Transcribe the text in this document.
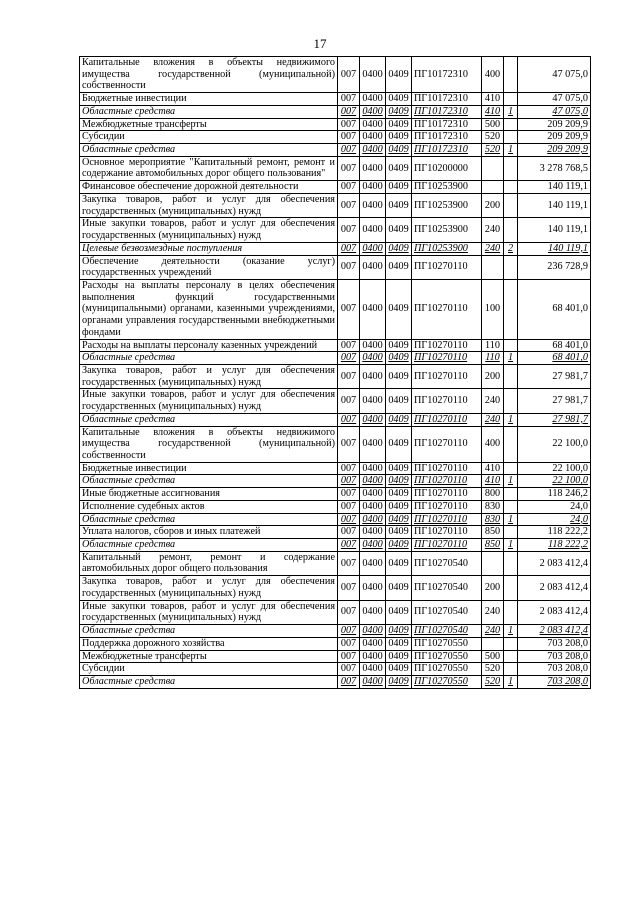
17
Капитальные вложения в объекты недвижимого имущества государственной (муниципальной) собственности	007	0400	0409	ПГ10172310	400		47 075,0
Бюджетные инвестиции	007	0400	0409	ПГ10172310	410		47 075,0
Областные средства	007	0400	0409	ПГ10172310	410	1	47 075,0
Межбюджетные трансферты	007	0400	0409	ПГ10172310	500		209 209,9
Субсидии	007	0400	0409	ПГ10172310	520		209 209,9
Областные средства	007	0400	0409	ПГ10172310	520	1	209 209,9
Основное мероприятие "Капитальный ремонт, ремонт и содержание автомобильных дорог общего пользования"	007	0400	0409	ПГ10200000			3 278 768,5
Финансовое обеспечение дорожной деятельности	007	0400	0409	ПГ10253900			140 119,1
Закупка товаров, работ и услуг для обеспечения государственных (муниципальных) нужд	007	0400	0409	ПГ10253900	200		140 119,1
Иные закупки товаров, работ и услуг для обеспечения государственных (муниципальных) нужд	007	0400	0409	ПГ10253900	240		140 119,1
Целевые безвозмездные поступления	007	0400	0409	ПГ10253900	240	2	140 119,1
Обеспечение деятельности (оказание услуг) государственных учреждений	007	0400	0409	ПГ10270110			236 728,9
Расходы на выплаты персоналу в целях обеспечения выполнения функций государственными (муниципальными) органами, казенными учреждениями, органами управления государственными внебюджетными фондами	007	0400	0409	ПГ10270110	100		68 401,0
Расходы на выплаты персоналу казенных учреждений	007	0400	0409	ПГ10270110	110		68 401,0
Областные средства	007	0400	0409	ПГ10270110	110	1	68 401,0
Закупка товаров, работ и услуг для обеспечения государственных (муниципальных) нужд	007	0400	0409	ПГ10270110	200		27 981,7
Иные закупки товаров, работ и услуг для обеспечения государственных (муниципальных) нужд	007	0400	0409	ПГ10270110	240		27 981,7
Областные средства	007	0400	0409	ПГ10270110	240	1	27 981,7
Капитальные вложения в объекты недвижимого имущества государственной (муниципальной) собственности	007	0400	0409	ПГ10270110	400		22 100,0
Бюджетные инвестиции	007	0400	0409	ПГ10270110	410		22 100,0
Областные средства	007	0400	0409	ПГ10270110	410	1	22 100,0
Иные бюджетные ассигнования	007	0400	0409	ПГ10270110	800		118 246,2
Исполнение судебных актов	007	0400	0409	ПГ10270110	830		24,0
Областные средства	007	0400	0409	ПГ10270110	830	1	24,0
Уплата налогов, сборов и иных платежей	007	0400	0409	ПГ10270110	850		118 222,2
Областные средства	007	0400	0409	ПГ10270110	850	1	118 222,2
Капитальный ремонт, ремонт и содержание автомобильных дорог общего пользования	007	0400	0409	ПГ10270540			2 083 412,4
Закупка товаров, работ и услуг для обеспечения государственных (муниципальных) нужд	007	0400	0409	ПГ10270540	200		2 083 412,4
Иные закупки товаров, работ и услуг для обеспечения государственных (муниципальных) нужд	007	0400	0409	ПГ10270540	240		2 083 412,4
Областные средства	007	0400	0409	ПГ10270540	240	1	2 083 412,4
Поддержка дорожного хозяйства	007	0400	0409	ПГ10270550			703 208,0
Межбюджетные трансферты	007	0400	0409	ПГ10270550	500		703 208,0
Субсидии	007	0400	0409	ПГ10270550	520		703 208,0
Областные средства	007	0400	0409	ПГ10270550	520	1	703 208,0
